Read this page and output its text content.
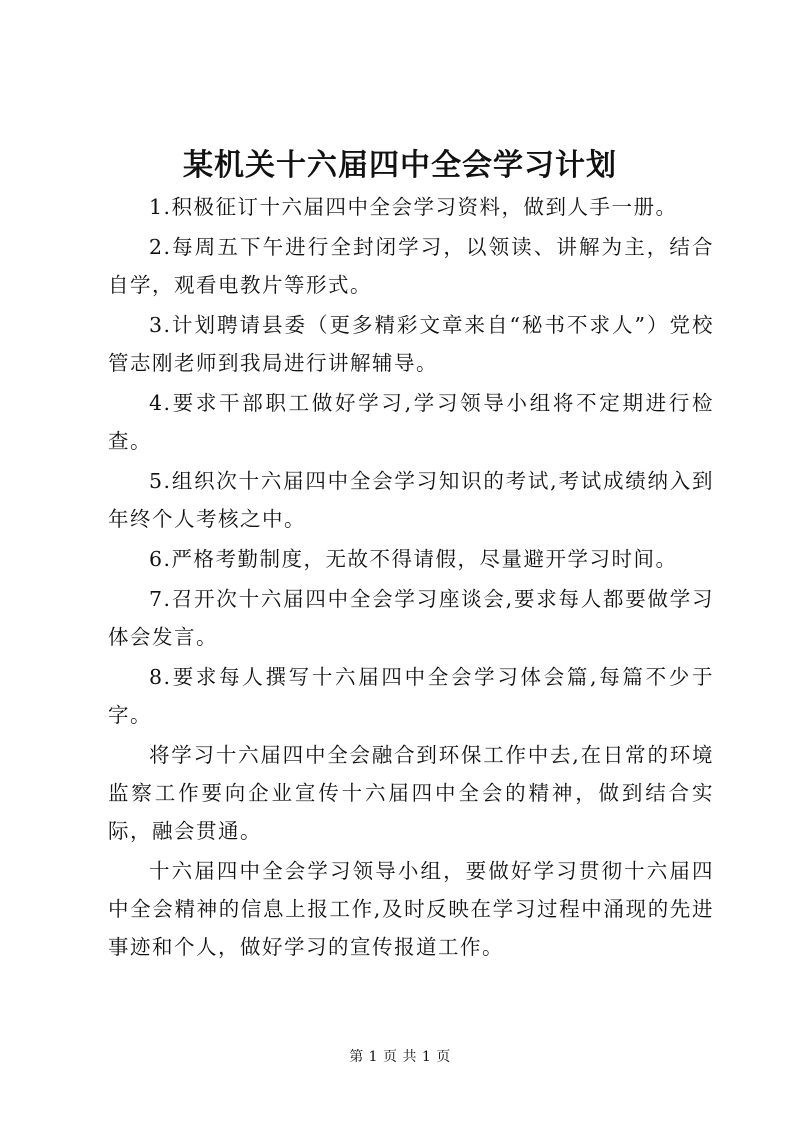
某机关十六届四中全会学习计划

1.积极征订十六届四中全会学习资料，做到人手一册。

2.每周五下午进行全封闭学习，以领读、讲解为主，结合自学，观看电教片等形式。

3.计划聘请县委（更多精彩文章来自“秘书不求人”）党校管志刚老师到我局进行讲解辅导。

4.要求干部职工做好学习,学习领导小组将不定期进行检查。

5.组织次十六届四中全会学习知识的考试,考试成绩纳入到年终个人考核之中。

6.严格考勤制度，无故不得请假，尽量避开学习时间。

7.召开次十六届四中全会学习座谈会,要求每人都要做学习体会发言。

8.要求每人撰写十六届四中全会学习体会篇,每篇不少于字。

将学习十六届四中全会融合到环保工作中去,在日常的环境监察工作要向企业宣传十六届四中全会的精神，做到结合实际，融会贯通。

十六届四中全会学习领导小组，要做好学习贯彻十六届四中全会精神的信息上报工作,及时反映在学习过程中涌现的先进事迹和个人，做好学习的宣传报道工作。

第 1 页 共 1 页
